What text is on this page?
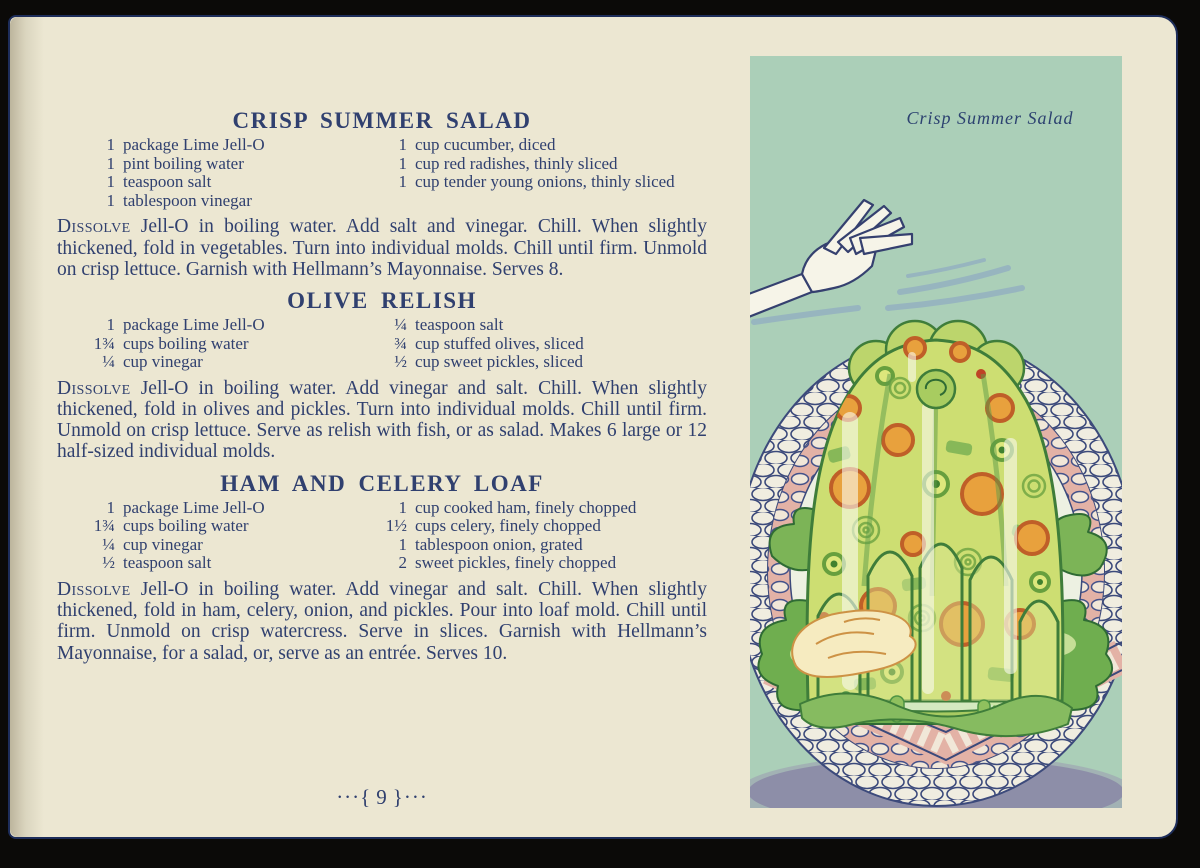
CRISP SUMMER SALAD
1 package Lime Jell-O
1 pint boiling water
1 teaspoon salt
1 tablespoon vinegar
1 cup cucumber, diced
1 cup red radishes, thinly sliced
1 cup tender young onions, thinly sliced

Dissolve Jell-O in boiling water. Add salt and vinegar. Chill. When slightly thickened, fold in vegetables. Turn into individual molds. Chill until firm. Unmold on crisp lettuce. Garnish with Hellmann’s Mayonnaise. Serves 8.

OLIVE RELISH
1 package Lime Jell-O
1¾ cups boiling water
¼ cup vinegar
¼ teaspoon salt
¾ cup stuffed olives, sliced
½ cup sweet pickles, sliced

Dissolve Jell-O in boiling water. Add vinegar and salt. Chill. When slightly thickened, fold in olives and pickles. Turn into individual molds. Chill until firm. Unmold on crisp lettuce. Serve as relish with fish, or as salad. Makes 6 large or 12 half-sized individual molds.

HAM AND CELERY LOAF
1 package Lime Jell-O
1¾ cups boiling water
¼ cup vinegar
½ teaspoon salt
1 cup cooked ham, finely chopped
1½ cups celery, finely chopped
1 tablespoon onion, grated
2 sweet pickles, finely chopped

Dissolve Jell-O in boiling water. Add vinegar and salt. Chill. When slightly thickened, fold in ham, celery, onion, and pickles. Pour into loaf mold. Chill until firm. Unmold on crisp watercress. Serve in slices. Garnish with Hellmann’s Mayonnaise, for a salad, or, serve as an entrée. Serves 10.

···{ 9 }···
Crisp Summer Salad
